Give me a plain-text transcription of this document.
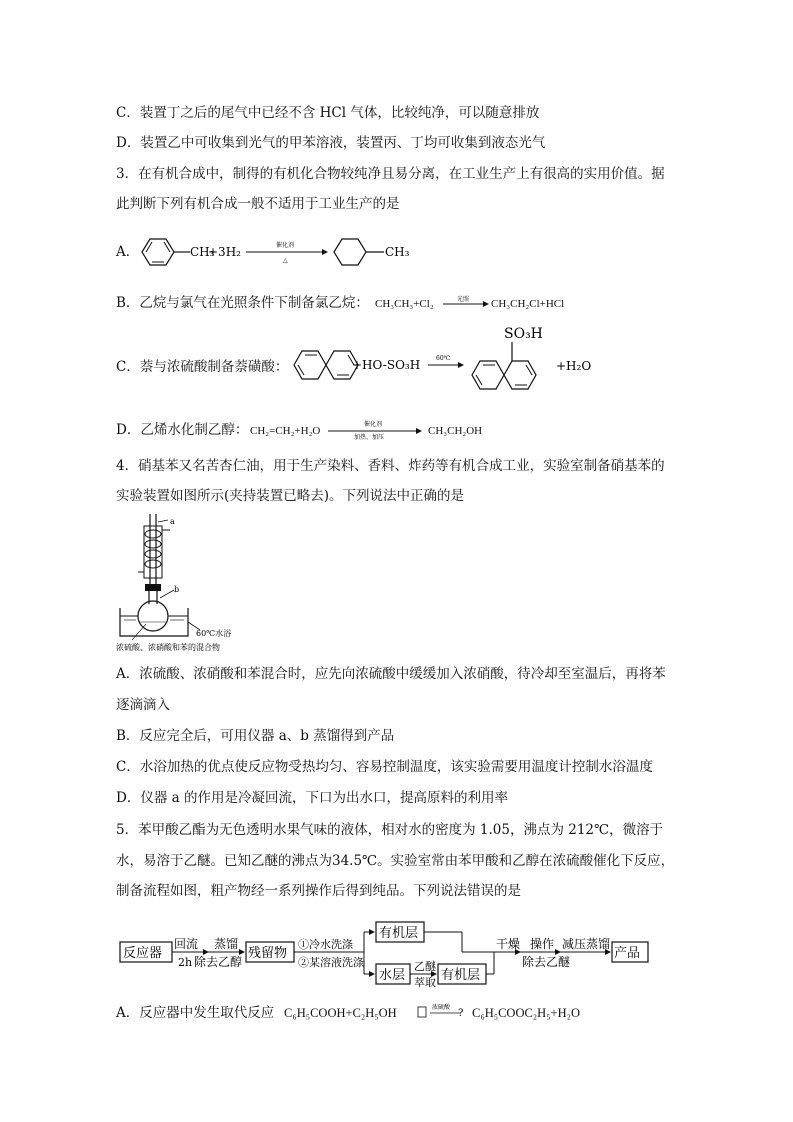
C．装置丁之后的尾气中已经不含 HCl 气体，比较纯净，可以随意排放
D．装置乙中可收集到光气的甲苯溶液，装置丙、丁均可收集到液态光气
3．在有机合成中，制得的有机化合物较纯净且易分离，在工业生产上有很高的实用价值。据
此判断下列有机合成一般不适用于工业生产的是
A．	CH₃
+3H₂	催化剂
△
CH₃
B．乙烷与氯气在光照条件下制备氯乙烷： CH₃CH₃+Cl₂	光照 CH₃CH₂Cl+HCl
C．萘与浓硫酸制备萘磺酸：	+HO-SO₃H	60℃
SO₃H
+H₂O
D．乙烯水化制乙醇： CH₂=CH₂+H₂O
催化剂
加热、加压
CH₃CH₂OH
4．硝基苯又名苦杏仁油，用于生产染料、香料、炸药等有机合成工业，实验室制备硝基苯的
实验装置如图所示(夹持装置已略去)。下列说法中正确的是
a
b
60℃水浴
浓硫酸、浓硝酸和苯的混合物
A．浓硫酸、浓硝酸和苯混合时，应先向浓硫酸中缓缓加入浓硝酸，待冷却至室温后，再将苯
逐滴滴入
B．反应完全后，可用仪器 a、b 蒸馏得到产品
C．水浴加热的优点使反应物受热均匀、容易控制温度，该实验需要用温度计控制水浴温度
D．仪器 a 的作用是冷凝回流，下口为出水口，提高原料的利用率
5．苯甲酸乙酯为无色透明水果气味的液体，相对水的密度为 1.05，沸点为 212℃，微溶于
水，易溶于乙醚。已知乙醚的沸点为34.5℃。实验室常由苯甲酸和乙醇在浓硫酸催化下反应，
制备流程如图，粗产物经一系列操作后得到纯品。下列说法错误的是
反应器
回流
2h
蒸馏
除去乙醇
残留物
①冷水洗涤
②某溶液洗涤
有机层
水层
乙醚
萃取 有机层
干燥 操作
除去乙醚
减压蒸馏
产品
A．反应器中发生取代反应 C₆H₅COOH+C₂H₅OH	浓硫酸
? C₆H₅COOC₂H₅+H₂O
